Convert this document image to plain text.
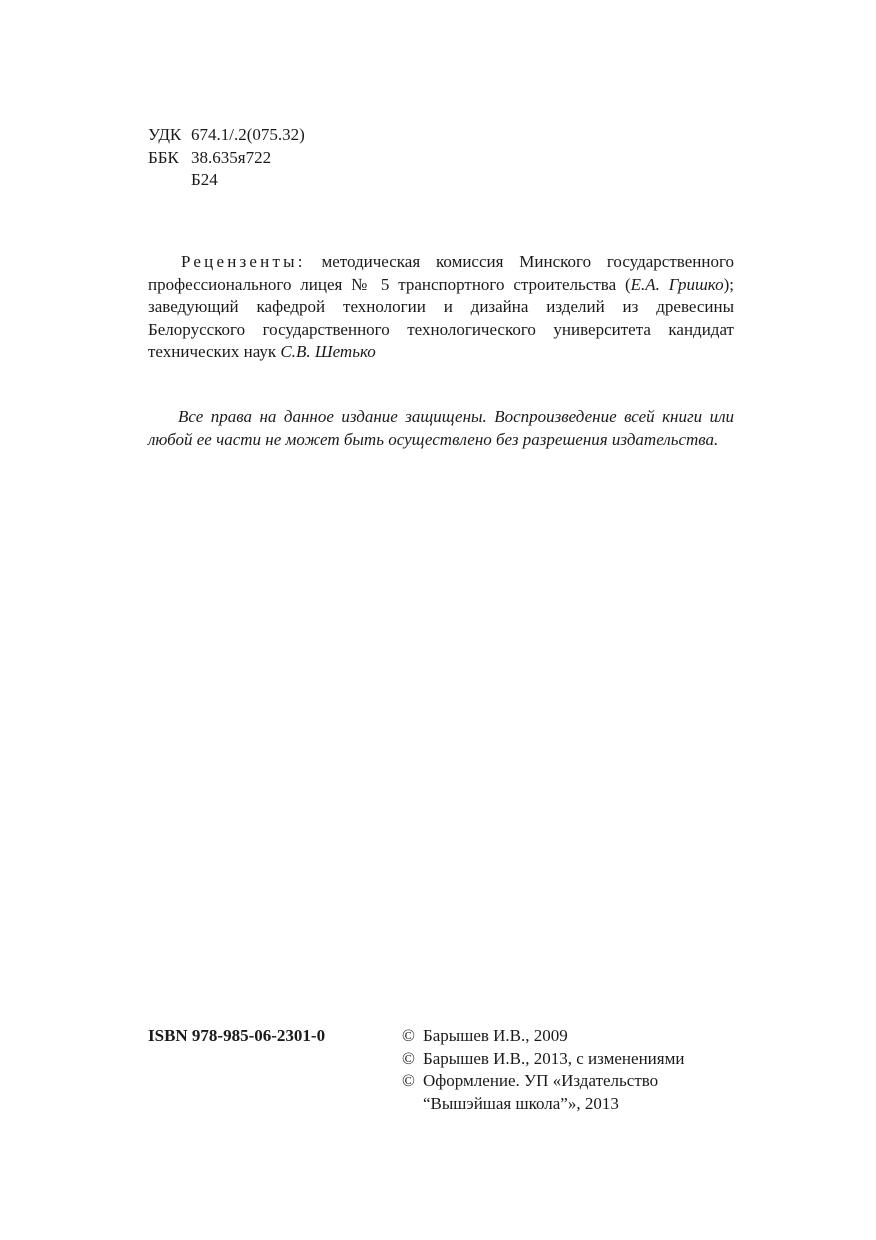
УДК 674.1/.2(075.32)
ББК 38.635я722
Б24

Рецензенты: методическая комиссия Минского государственного профессионального лицея № 5 транспортного строительства (Е.А. Гришко); заведующий кафедрой технологии и дизайна изделий из древесины Белорусского государственного технологического университета кандидат технических наук С.В. Шетько

Все права на данное издание защищены. Воспроизведение всей книги или любой ее части не может быть осуществлено без разрешения издательства.

ISBN 978-985-06-2301-0	© Барышев И.В., 2009
© Барышев И.В., 2013, с изменениями
© Оформление. УП «Издательство “Вышэйшая школа”», 2013
